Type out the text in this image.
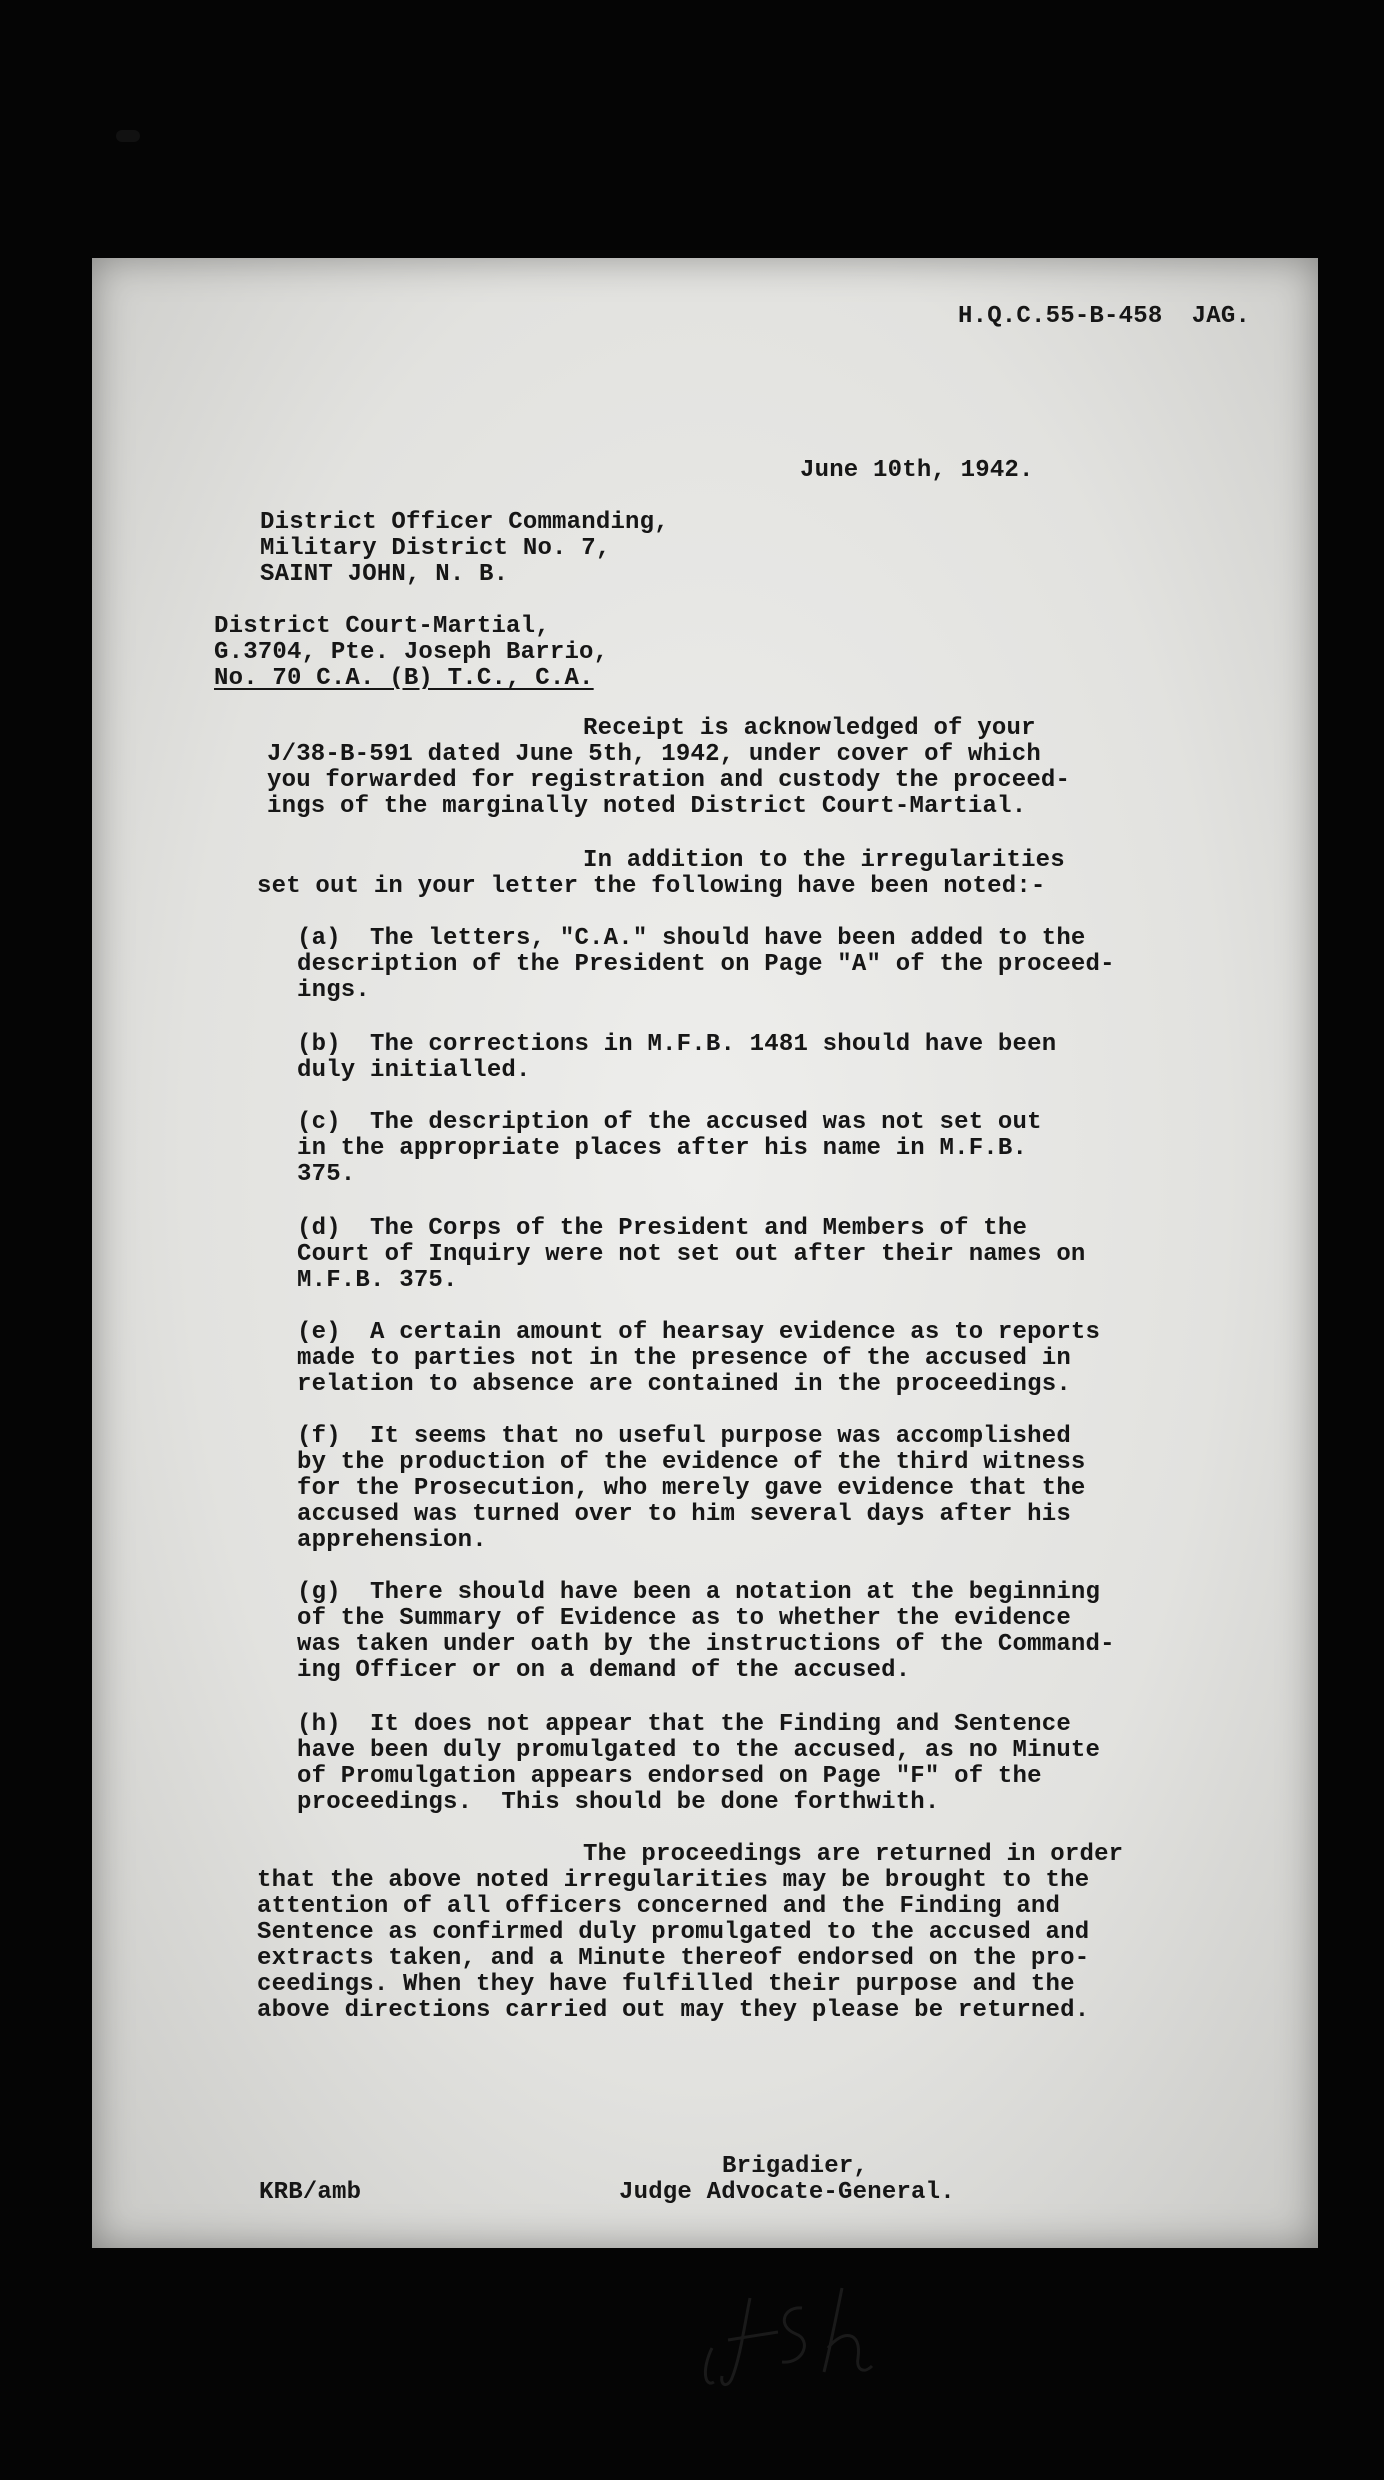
H.Q.C.55-B-458  JAG.
June 10th, 1942.
District Officer Commanding,
Military District No. 7,
SAINT JOHN, N. B.
District Court-Martial,
G.3704, Pte. Joseph Barrio,
No. 70 C.A. (B) T.C., C.A.
Receipt is acknowledged of your
J/38-B-591 dated June 5th, 1942, under cover of which
you forwarded for registration and custody the proceed-
ings of the marginally noted District Court-Martial.
In addition to the irregularities
set out in your letter the following have been noted:-
(a)  The letters, "C.A." should have been added to the
description of the President on Page "A" of the proceed-
ings.
(b)  The corrections in M.F.B. 1481 should have been
duly initialled.
(c)  The description of the accused was not set out
in the appropriate places after his name in M.F.B.
375.
(d)  The Corps of the President and Members of the
Court of Inquiry were not set out after their names on
M.F.B. 375.
(e)  A certain amount of hearsay evidence as to reports
made to parties not in the presence of the accused in
relation to absence are contained in the proceedings.
(f)  It seems that no useful purpose was accomplished
by the production of the evidence of the third witness
for the Prosecution, who merely gave evidence that the
accused was turned over to him several days after his
apprehension.
(g)  There should have been a notation at the beginning
of the Summary of Evidence as to whether the evidence
was taken under oath by the instructions of the Command-
ing Officer or on a demand of the accused.
(h)  It does not appear that the Finding and Sentence
have been duly promulgated to the accused, as no Minute
of Promulgation appears endorsed on Page "F" of the
proceedings.  This should be done forthwith.
The proceedings are returned in order
that the above noted irregularities may be brought to the
attention of all officers concerned and the Finding and
Sentence as confirmed duly promulgated to the accused and
extracts taken, and a Minute thereof endorsed on the pro-
ceedings. When they have fulfilled their purpose and the
above directions carried out may they please be returned.
Brigadier,
Judge Advocate-General.
KRB/amb
